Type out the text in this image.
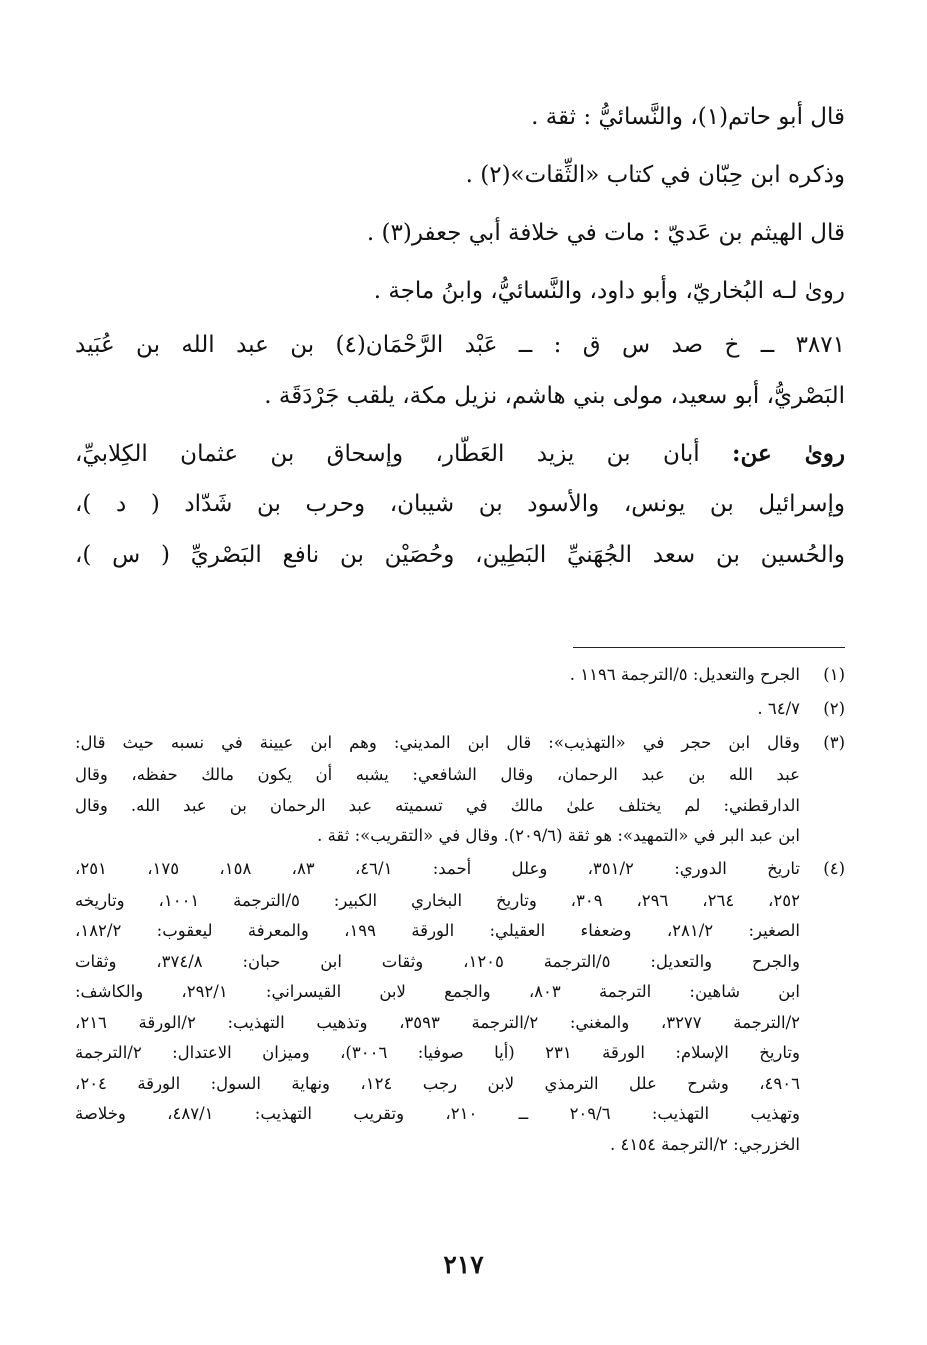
قال أبو حاتم(١)، والنَّسائيُّ : ثقة .
وذكره ابن حِبّان في كتاب «الثِّقات»(٢) .
قال الهيثم بن عَديّ : مات في خلافة أبي جعفر(٣) .
روىٰ لـه البُخاريّ، وأبو داود، والنَّسائيُّ، وابنُ ماجة .
٣٨٧١ ــ خ صد س ق : ــ عَبْد الرَّحْمَان(٤) بن عبد الله بن عُبَيد
البَصْريُّ، أبو سعيد، مولى بني هاشم، نزيل مكة، يلقب جَرْدَقَة .
روىٰ عن: أبان بن يزيد العَطّار، وإسحاق بن عثمان الكِلابيِّ،
وإسرائيل بن يونس، والأسود بن شيبان، وحرب بن شَدّاد ( د )،
والحُسين بن سعد الجُهَنيِّ البَطِين، وحُصَيْن بن نافع البَصْريِّ ( س )،
(١)
الجرح والتعديل: ٥/الترجمة ١١٩٦ .
(٢)
٦٤/٧ .
(٣)
وقال ابن حجر في «التهذيب»: قال ابن المديني: وهم ابن عيينة في نسبه حيث قال:
عبد الله بن عبد الرحمان، وقال الشافعي: يشبه أن يكون مالك حفظه، وقال
الدارقطني: لم يختلف علىٰ مالك في تسميته عبد الرحمان بن عبد الله. وقال
ابن عبد البر في «التمهيد»: هو ثقة (٢٠٩/٦). وقال في «التقريب»: ثقة .
(٤)
تاريخ الدوري: ٣٥١/٢، وعلل أحمد: ٤٦/١، ٨٣، ١٥٨، ١٧٥، ٢٥١،
٢٥٢، ٢٦٤، ٢٩٦، ٣٠٩، وتاريخ البخاري الكبير: ٥/الترجمة ١٠٠١، وتاريخه
الصغير: ٢٨١/٢، وضعفاء العقيلي: الورقة ١٩٩، والمعرفة ليعقوب: ١٨٢/٢،
والجرح والتعديل: ٥/الترجمة ١٢٠٥، وثقات ابن حبان: ٣٧٤/٨، وثقات
ابن شاهين: الترجمة ٨٠٣، والجمع لابن القيسراني: ٢٩٢/١، والكاشف:
٢/الترجمة ٣٢٧٧، والمغني: ٢/الترجمة ٣٥٩٣، وتذهيب التهذيب: ٢/الورقة ٢١٦،
وتاريخ الإسلام: الورقة ٢٣١ (أيا صوفيا: ٣٠٠٦)، وميزان الاعتدال: ٢/الترجمة
٤٩٠٦، وشرح علل الترمذي لابن رجب ١٢٤، ونهاية السول: الورقة ٢٠٤،
وتهذيب التهذيب: ٢٠٩/٦ ــ ٢١٠، وتقريب التهذيب: ٤٨٧/١، وخلاصة
الخزرجي: ٢/الترجمة ٤١٥٤ .
٢١٧
